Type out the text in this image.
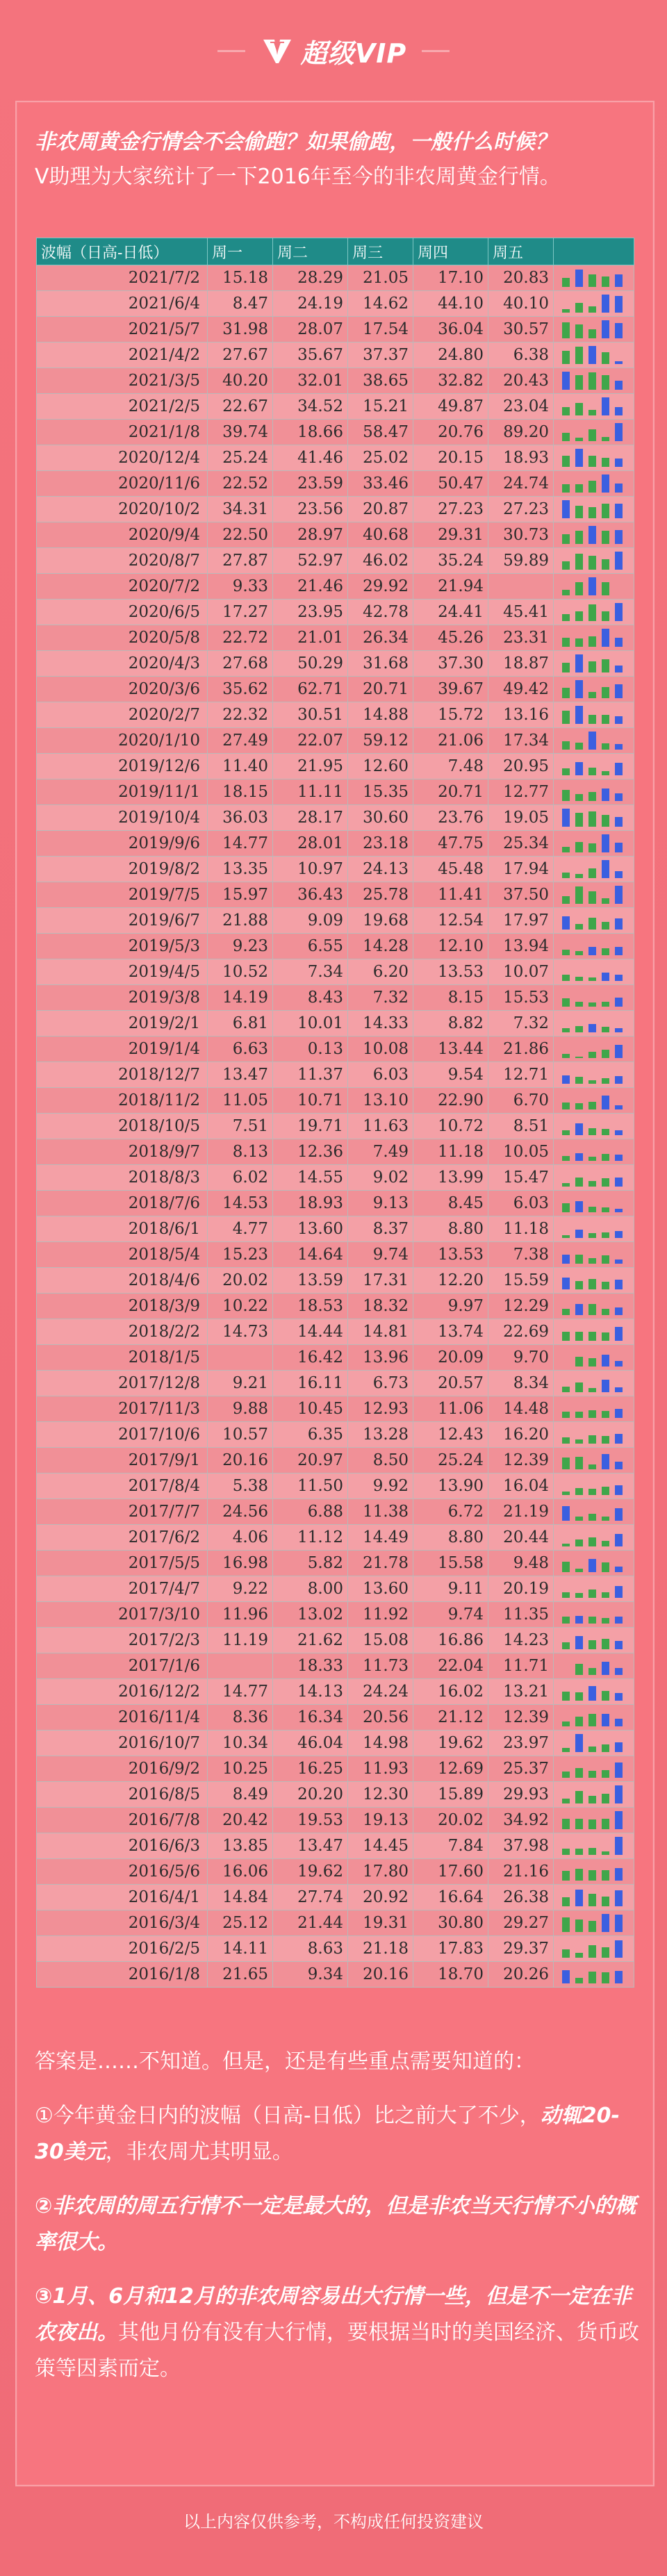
超级VIP
非农周黄金行情会不会偷跑？如果偷跑，一般什么时候？
V助理为大家统计了一下2016年至今的非农周黄金行情。
波幅（日高-日低）	周一	周二	周三	周四	周五	
2021/7/2	15.18	28.29	21.05	17.10	20.83	

2021/6/4	8.47	24.19	14.62	44.10	40.10	

2021/5/7	31.98	28.07	17.54	36.04	30.57	

2021/4/2	27.67	35.67	37.37	24.80	6.38	

2021/3/5	40.20	32.01	38.65	32.82	20.43	

2021/2/5	22.67	34.52	15.21	49.87	23.04	

2021/1/8	39.74	18.66	58.47	20.76	89.20	

2020/12/4	25.24	41.46	25.02	20.15	18.93	

2020/11/6	22.52	23.59	33.46	50.47	24.74	

2020/10/2	34.31	23.56	20.87	27.23	27.23	

2020/9/4	22.50	28.97	40.68	29.31	30.73	

2020/8/7	27.87	52.97	46.02	35.24	59.89	

2020/7/2	9.33	21.46	29.92	21.94		

2020/6/5	17.27	23.95	42.78	24.41	45.41	

2020/5/8	22.72	21.01	26.34	45.26	23.31	

2020/4/3	27.68	50.29	31.68	37.30	18.87	

2020/3/6	35.62	62.71	20.71	39.67	49.42	

2020/2/7	22.32	30.51	14.88	15.72	13.16	

2020/1/10	27.49	22.07	59.12	21.06	17.34	

2019/12/6	11.40	21.95	12.60	7.48	20.95	

2019/11/1	18.15	11.11	15.35	20.71	12.77	

2019/10/4	36.03	28.17	30.60	23.76	19.05	

2019/9/6	14.77	28.01	23.18	47.75	25.34	

2019/8/2	13.35	10.97	24.13	45.48	17.94	

2019/7/5	15.97	36.43	25.78	11.41	37.50	

2019/6/7	21.88	9.09	19.68	12.54	17.97	

2019/5/3	9.23	6.55	14.28	12.10	13.94	

2019/4/5	10.52	7.34	6.20	13.53	10.07	

2019/3/8	14.19	8.43	7.32	8.15	15.53	

2019/2/1	6.81	10.01	14.33	8.82	7.32	

2019/1/4	6.63	0.13	10.08	13.44	21.86	

2018/12/7	13.47	11.37	6.03	9.54	12.71	

2018/11/2	11.05	10.71	13.10	22.90	6.70	

2018/10/5	7.51	19.71	11.63	10.72	8.51	

2018/9/7	8.13	12.36	7.49	11.18	10.05	

2018/8/3	6.02	14.55	9.02	13.99	15.47	

2018/7/6	14.53	18.93	9.13	8.45	6.03	

2018/6/1	4.77	13.60	8.37	8.80	11.18	

2018/5/4	15.23	14.64	9.74	13.53	7.38	

2018/4/6	20.02	13.59	17.31	12.20	15.59	

2018/3/9	10.22	18.53	18.32	9.97	12.29	

2018/2/2	14.73	14.44	14.81	13.74	22.69	

2018/1/5		16.42	13.96	20.09	9.70	

2017/12/8	9.21	16.11	6.73	20.57	8.34	

2017/11/3	9.88	10.45	12.93	11.06	14.48	

2017/10/6	10.57	6.35	13.28	12.43	16.20	

2017/9/1	20.16	20.97	8.50	25.24	12.39	

2017/8/4	5.38	11.50	9.92	13.90	16.04	

2017/7/7	24.56	6.88	11.38	6.72	21.19	

2017/6/2	4.06	11.12	14.49	8.80	20.44	

2017/5/5	16.98	5.82	21.78	15.58	9.48	

2017/4/7	9.22	8.00	13.60	9.11	20.19	

2017/3/10	11.96	13.02	11.92	9.74	11.35	

2017/2/3	11.19	21.62	15.08	16.86	14.23	

2017/1/6		18.33	11.73	22.04	11.71	

2016/12/2	14.77	14.13	24.24	16.02	13.21	

2016/11/4	8.36	16.34	20.56	21.12	12.39	

2016/10/7	10.34	46.04	14.98	19.62	23.97	

2016/9/2	10.25	16.25	11.93	12.69	25.37	

2016/8/5	8.49	20.20	12.30	15.89	29.93	

2016/7/8	20.42	19.53	19.13	20.02	34.92	

2016/6/3	13.85	13.47	14.45	7.84	37.98	

2016/5/6	16.06	19.62	17.80	17.60	21.16	

2016/4/1	14.84	27.74	20.92	16.64	26.38	

2016/3/4	25.12	21.44	19.31	30.80	29.27	

2016/2/5	14.11	8.63	21.18	17.83	29.37	

2016/1/8	21.65	9.34	20.16	18.70	20.26	
答案是……不知道。但是，还是有些重点需要知道的：
①今年黄金日内的波幅（日高-日低）比之前大了不少，动辄20-30美元，非农周尤其明显。
②非农周的周五行情不一定是最大的，但是非农当天行情不小的概率很大。
③1月、6月和12月的非农周容易出大行情一些，但是不一定在非农夜出。其他月份有没有大行情，要根据当时的美国经济、货币政策等因素而定。
以上内容仅供参考，不构成任何投资建议
